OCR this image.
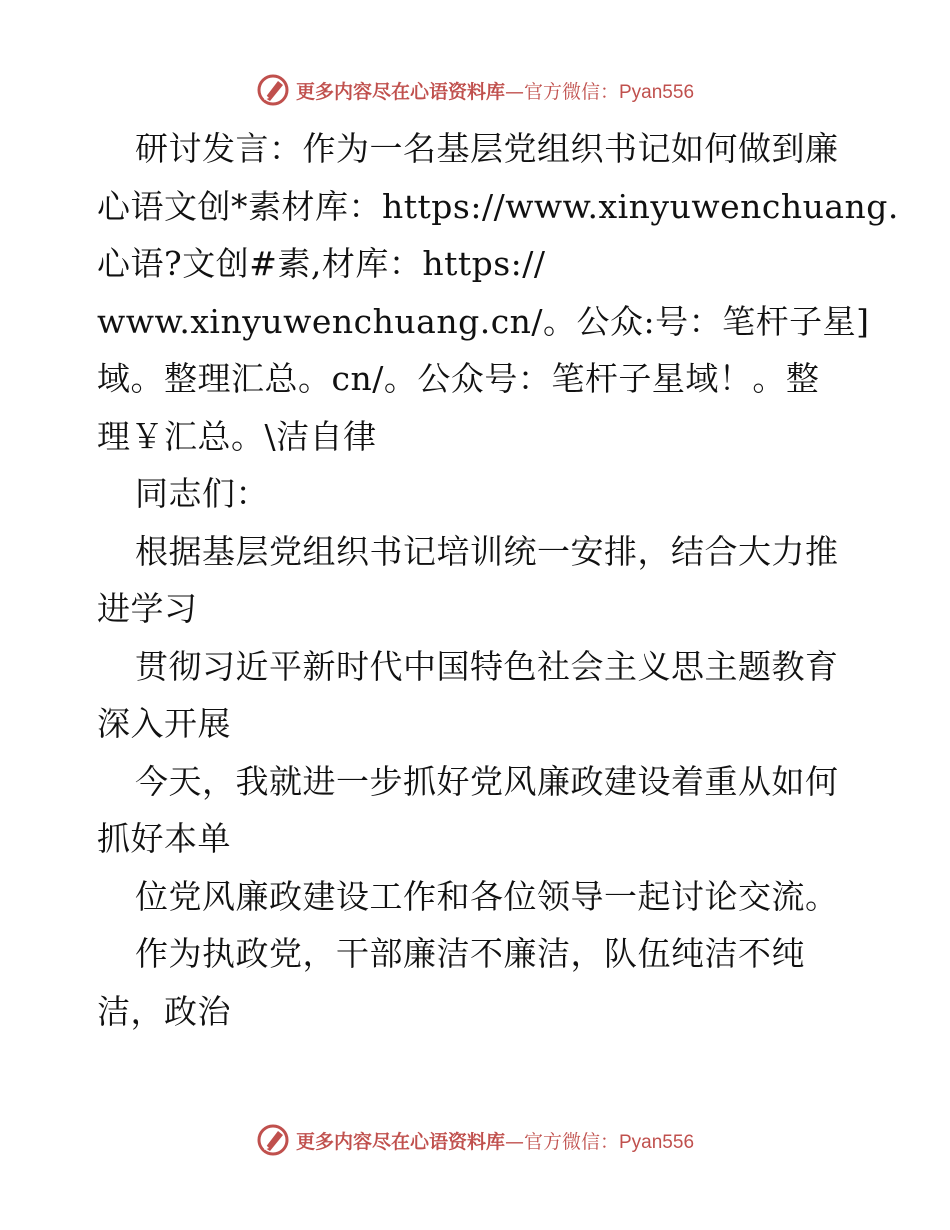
更多内容尽在心语资料库—官方微信：Pyan556

研讨发言：作为一名基层党组织书记如何做到廉

心语文创*素材库：https://www.xinyuwenchuang.

心语?文创#素,材库：https://

www.xinyuwenchuang.cn/。公众:号：笔杆子星]

域。整理汇总。cn/。公众号：笔杆子星域！。整

理￥汇总。\洁自律

同志们：

根据基层党组织书记培训统一安排，结合大力推进学习

贯彻习近平新时代中国特色社会主义思主题教育深入开展

今天，我就进一步抓好党风廉政建设着重从如何抓好本单

位党风廉政建设工作和各位领导一起讨论交流。

作为执政党，干部廉洁不廉洁，队伍纯洁不纯洁，政治

更多内容尽在心语资料库—官方微信：Pyan556
